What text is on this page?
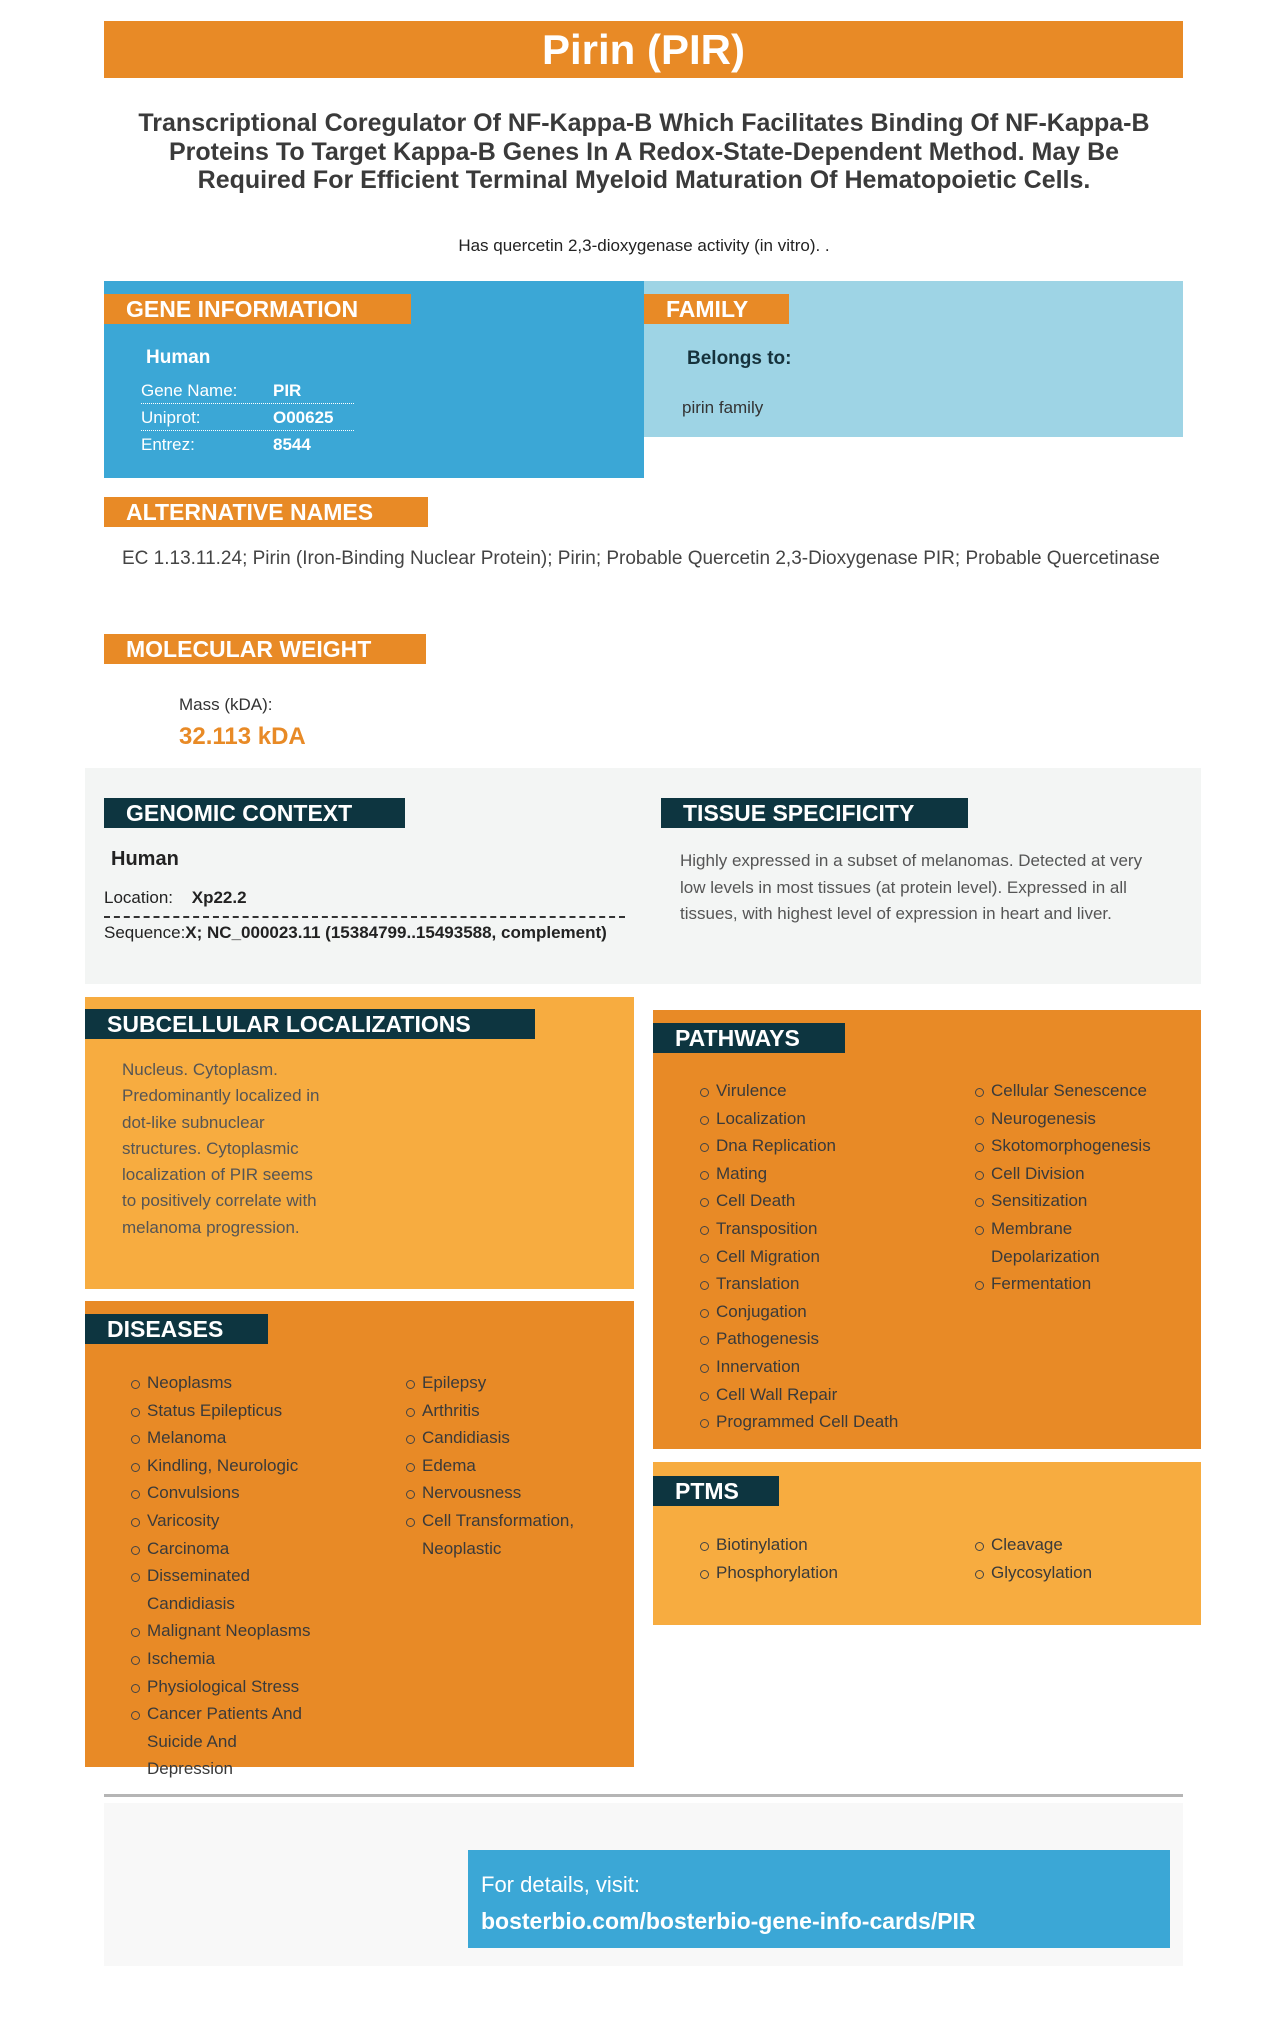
Pirin (PIR)
Transcriptional Coregulator Of NF-Kappa-B Which Facilitates Binding Of NF-Kappa-B Proteins To Target Kappa-B Genes In A Redox-State-Dependent Method. May Be Required For Efficient Terminal Myeloid Maturation Of Hematopoietic Cells.
Has quercetin 2,3-dioxygenase activity (in vitro). .
GENE INFORMATION
Human
Gene Name: PIR
Uniprot:	O00625
Entrez:	8544
FAMILY
Belongs to:
pirin family
ALTERNATIVE NAMES
EC 1.13.11.24; Pirin (Iron-Binding Nuclear Protein); Pirin; Probable Quercetin 2,3-Dioxygenase PIR; Probable Quercetinase
MOLECULAR WEIGHT
Mass (kDA):
32.113 kDA
GENOMIC CONTEXT
Human
Location: Xp22.2
Sequence:X; NC_000023.11 (15384799..15493588, complement)
TISSUE SPECIFICITY
Highly expressed in a subset of melanomas. Detected at very low levels in most tissues (at protein level). Expressed in all tissues, with highest level of expression in heart and liver.
SUBCELLULAR LOCALIZATIONS
Nucleus. Cytoplasm. Predominantly localized in dot-like subnuclear structures. Cytoplasmic localization of PIR seems to positively correlate with melanoma progression.
PATHWAYS
Virulence
Localization
Dna Replication
Mating
Cell Death
Transposition
Cell Migration
Translation
Conjugation
Pathogenesis
Innervation
Cell Wall Repair
Programmed Cell Death
Cellular Senescence
Neurogenesis
Skotomorphogenesis
Cell Division
Sensitization
Membrane Depolarization
Fermentation
DISEASES
Neoplasms
Status Epilepticus
Melanoma
Kindling, Neurologic
Convulsions
Varicosity
Carcinoma
Disseminated Candidiasis
Malignant Neoplasms
Ischemia
Physiological Stress
Cancer Patients And Suicide And Depression
Epilepsy
Arthritis
Candidiasis
Edema
Nervousness
Cell Transformation, Neoplastic
PTMS
Biotinylation
Phosphorylation
Cleavage
Glycosylation
For details, visit:
bosterbio.com/bosterbio-gene-info-cards/PIR
